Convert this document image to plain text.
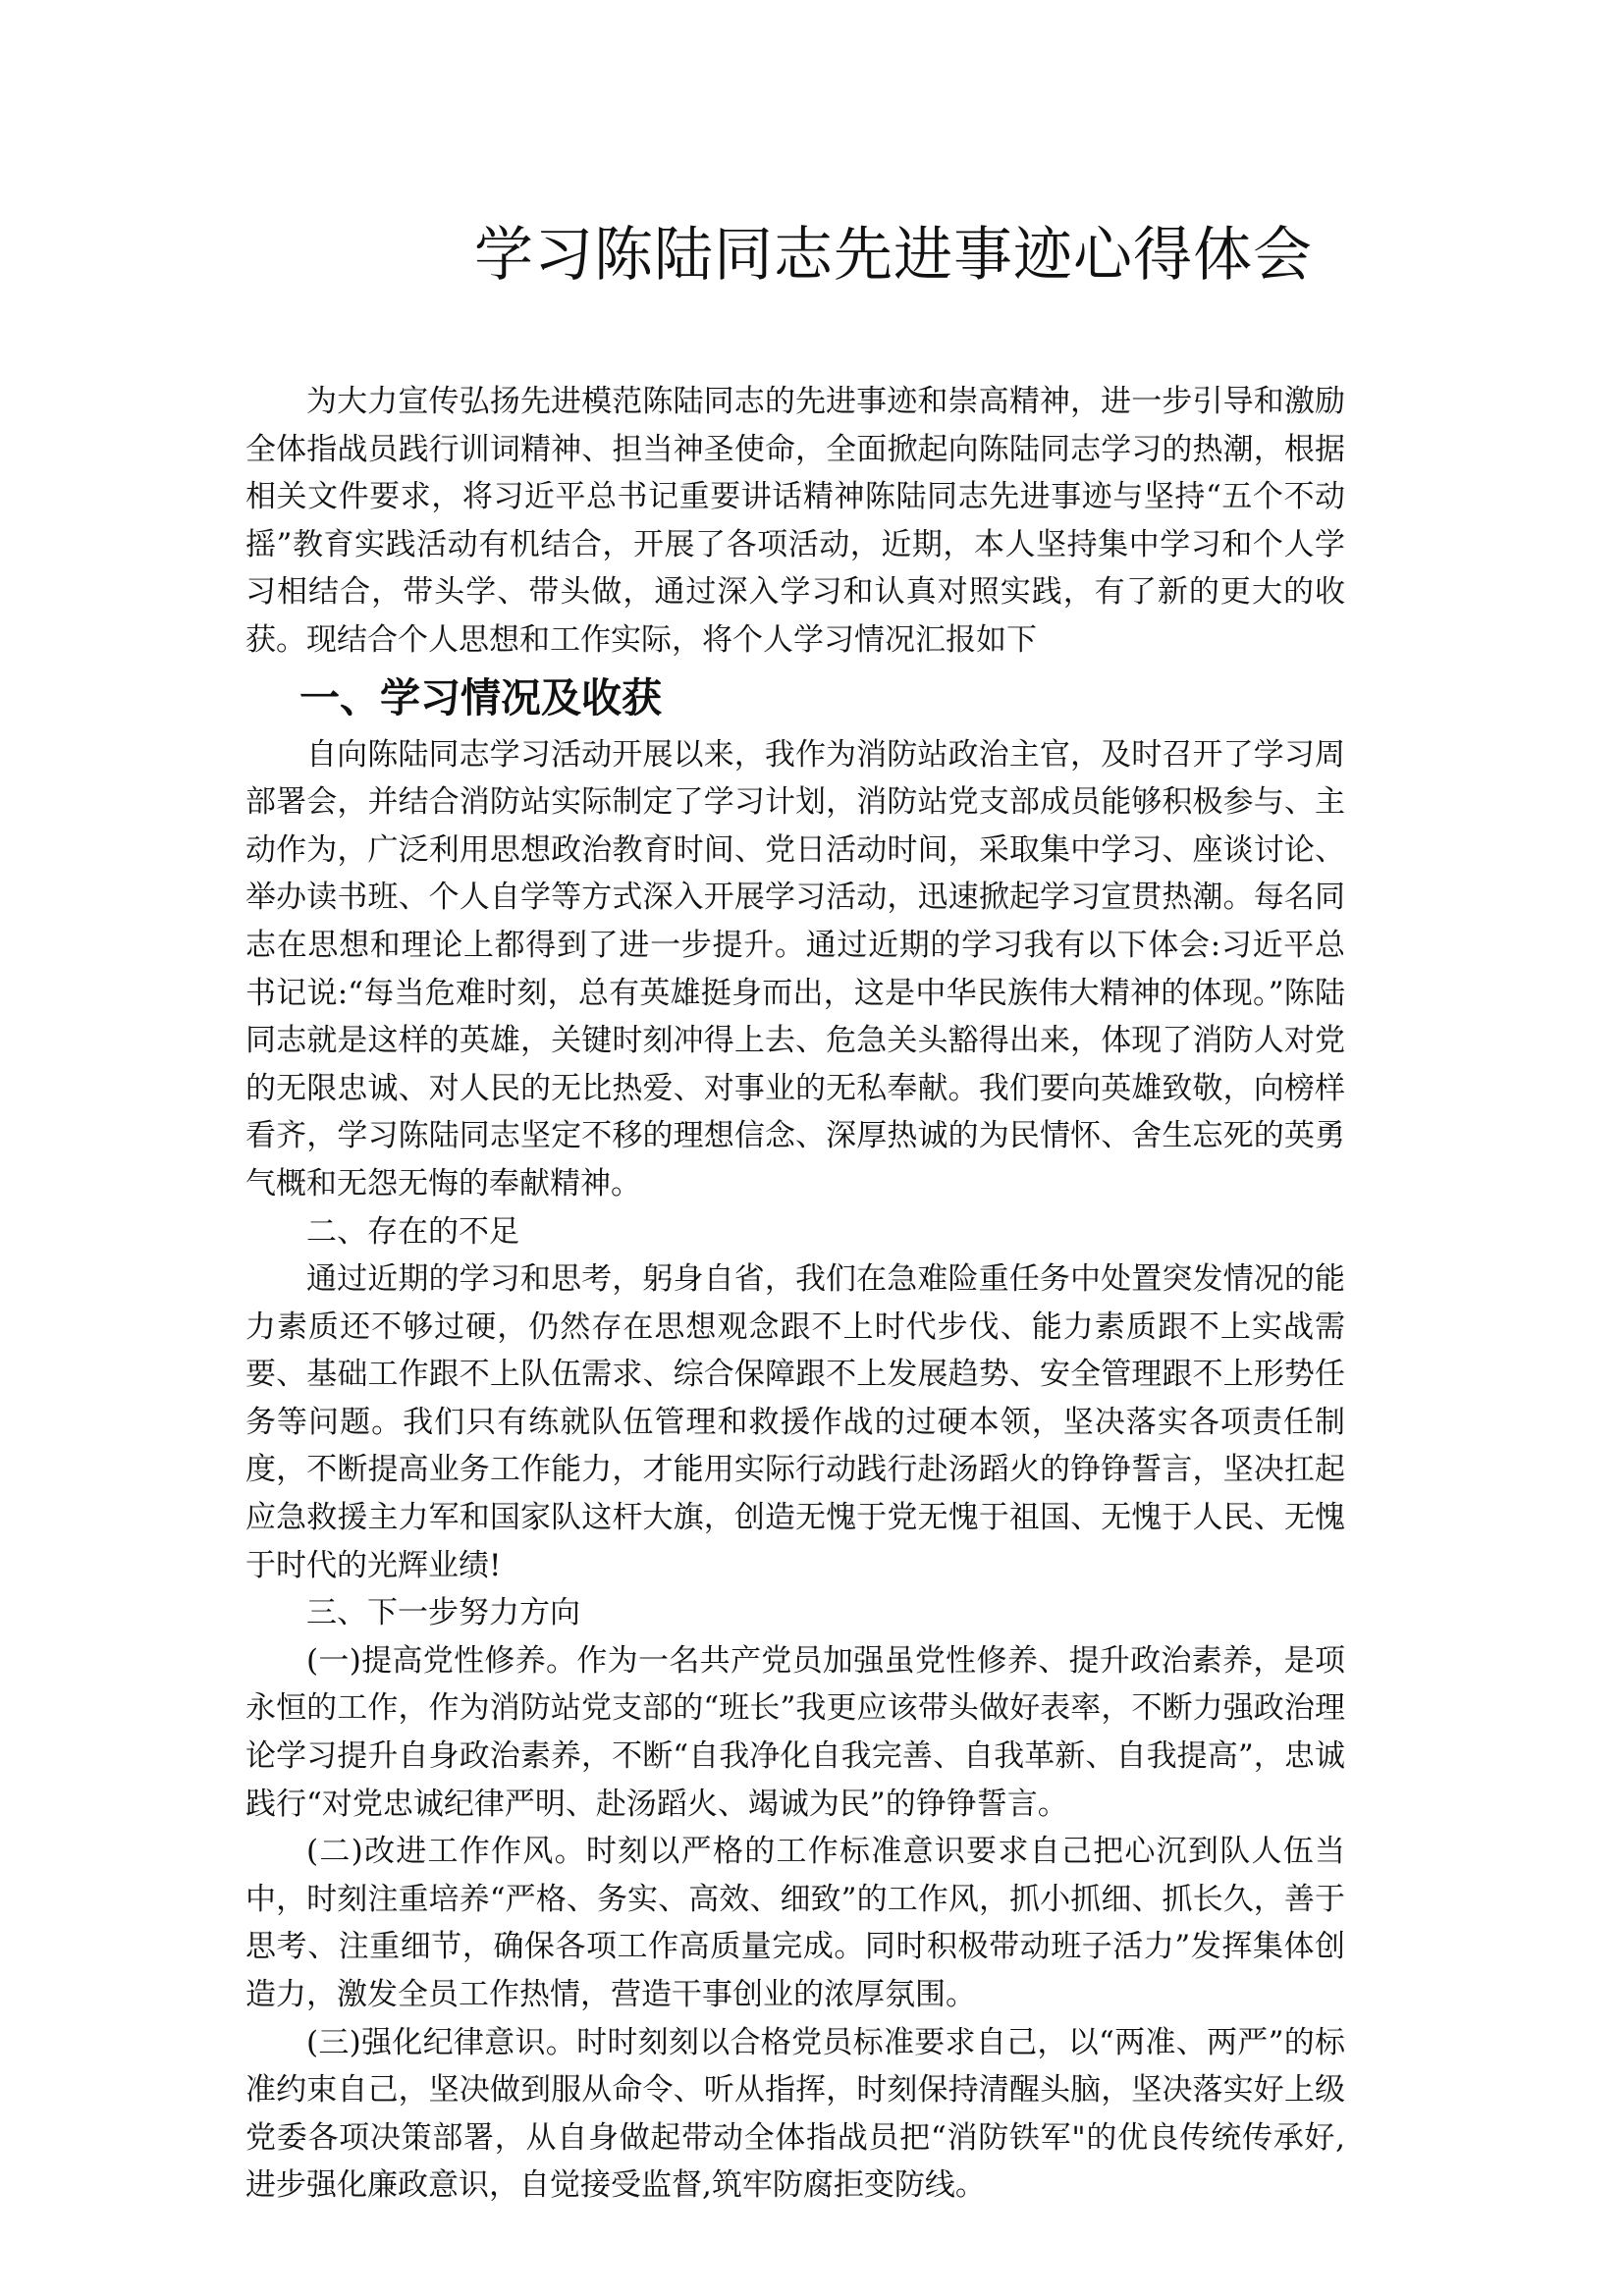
学习陈陆同志先进事迹心得体会

为大力宣传弘扬先进模范陈陆同志的先进事迹和崇高精神，进一步引导和激励全体指战员践行训词精神、担当神圣使命，全面掀起向陈陆同志学习的热潮，根据相关文件要求，将习近平总书记重要讲话精神陈陆同志先进事迹与坚持“五个不动摇”教育实践活动有机结合，开展了各项活动，近期，本人坚持集中学习和个人学习相结合，带头学、带头做，通过深入学习和认真对照实践，有了新的更大的收获。现结合个人思想和工作实际，将个人学习情况汇报如下

一、学习情况及收获

自向陈陆同志学习活动开展以来，我作为消防站政治主官，及时召开了学习周部署会，并结合消防站实际制定了学习计划，消防站党支部成员能够积极参与、主动作为，广泛利用思想政治教育时间、党日活动时间，采取集中学习、座谈讨论、举办读书班、个人自学等方式深入开展学习活动，迅速掀起学习宣贯热潮。每名同志在思想和理论上都得到了进一步提升。通过近期的学习我有以下体会:习近平总书记说:“每当危难时刻，总有英雄挺身而出，这是中华民族伟大精神的体现。”陈陆同志就是这样的英雄，关键时刻冲得上去、危急关头豁得出来，体现了消防人对党的无限忠诚、对人民的无比热爱、对事业的无私奉献。我们要向英雄致敬，向榜样看齐，学习陈陆同志坚定不移的理想信念、深厚热诚的为民情怀、舍生忘死的英勇气概和无怨无悔的奉献精神。

二、存在的不足

通过近期的学习和思考，躬身自省，我们在急难险重任务中处置突发情况的能力素质还不够过硬，仍然存在思想观念跟不上时代步伐、能力素质跟不上实战需要、基础工作跟不上队伍需求、综合保障跟不上发展趋势、安全管理跟不上形势任务等问题。我们只有练就队伍管理和救援作战的过硬本领，坚决落实各项责任制度，不断提高业务工作能力，才能用实际行动践行赴汤蹈火的铮铮誓言，坚决扛起应急救援主力军和国家队这杆大旗，创造无愧于党无愧于祖国、无愧于人民、无愧于时代的光辉业绩!

三、下一步努力方向

(一)提高党性修养。作为一名共产党员加强虽党性修养、提升政治素养，是项永恒的工作，作为消防站党支部的“班长”我更应该带头做好表率，不断力强政治理论学习提升自身政治素养，不断“自我净化自我完善、自我革新、自我提高”，忠诚践行“对党忠诚纪律严明、赴汤蹈火、竭诚为民”的铮铮誓言。

(二)改进工作作风。时刻以严格的工作标准意识要求自己把心沉到队人伍当中，时刻注重培养“严格、务实、高效、细致”的工作风，抓小抓细、抓长久，善于思考、注重细节，确保各项工作高质量完成。同时积极带动班子活力”发挥集体创造力，激发全员工作热情，营造干事创业的浓厚氛围。

(三)强化纪律意识。时时刻刻以合格党员标准要求自己，以“两准、两严”的标准约束自己，坚决做到服从命令、听从指挥，时刻保持清醒头脑，坚决落实好上级党委各项决策部署，从自身做起带动全体指战员把“消防铁军"的优良传统传承好,进步强化廉政意识，自觉接受监督,筑牢防腐拒变防线。
